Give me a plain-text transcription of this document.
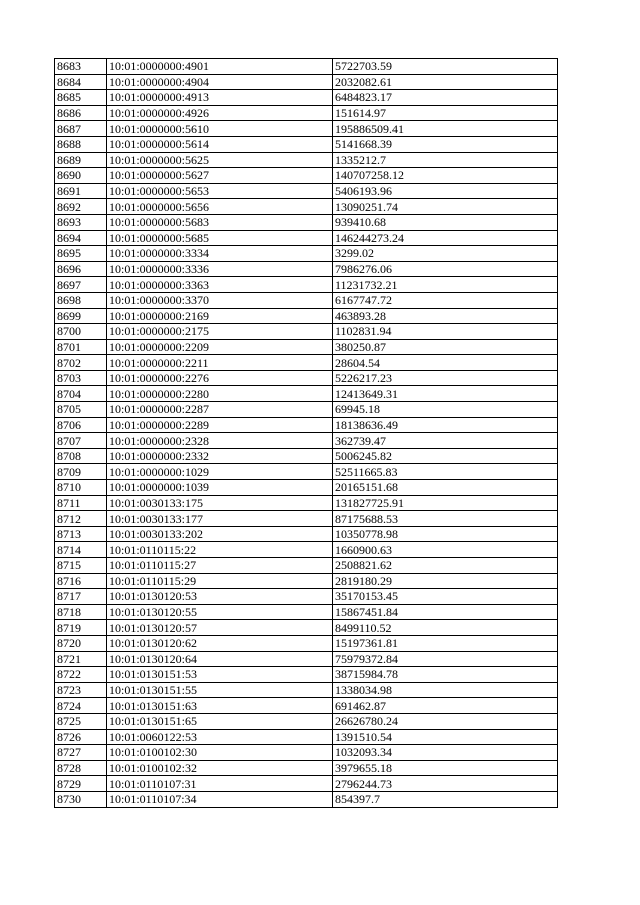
8683	10:01:0000000:4901	5722703.59
8684	10:01:0000000:4904	2032082.61
8685	10:01:0000000:4913	6484823.17
8686	10:01:0000000:4926	151614.97
8687	10:01:0000000:5610	195886509.41
8688	10:01:0000000:5614	5141668.39
8689	10:01:0000000:5625	1335212.7
8690	10:01:0000000:5627	140707258.12
8691	10:01:0000000:5653	5406193.96
8692	10:01:0000000:5656	13090251.74
8693	10:01:0000000:5683	939410.68
8694	10:01:0000000:5685	146244273.24
8695	10:01:0000000:3334	3299.02
8696	10:01:0000000:3336	7986276.06
8697	10:01:0000000:3363	11231732.21
8698	10:01:0000000:3370	6167747.72
8699	10:01:0000000:2169	463893.28
8700	10:01:0000000:2175	1102831.94
8701	10:01:0000000:2209	380250.87
8702	10:01:0000000:2211	28604.54
8703	10:01:0000000:2276	5226217.23
8704	10:01:0000000:2280	12413649.31
8705	10:01:0000000:2287	69945.18
8706	10:01:0000000:2289	18138636.49
8707	10:01:0000000:2328	362739.47
8708	10:01:0000000:2332	5006245.82
8709	10:01:0000000:1029	52511665.83
8710	10:01:0000000:1039	20165151.68
8711	10:01:0030133:175	131827725.91
8712	10:01:0030133:177	87175688.53
8713	10:01:0030133:202	10350778.98
8714	10:01:0110115:22	1660900.63
8715	10:01:0110115:27	2508821.62
8716	10:01:0110115:29	2819180.29
8717	10:01:0130120:53	35170153.45
8718	10:01:0130120:55	15867451.84
8719	10:01:0130120:57	8499110.52
8720	10:01:0130120:62	15197361.81
8721	10:01:0130120:64	75979372.84
8722	10:01:0130151:53	38715984.78
8723	10:01:0130151:55	1338034.98
8724	10:01:0130151:63	691462.87
8725	10:01:0130151:65	26626780.24
8726	10:01:0060122:53	1391510.54
8727	10:01:0100102:30	1032093.34
8728	10:01:0100102:32	3979655.18
8729	10:01:0110107:31	2796244.73
8730	10:01:0110107:34	854397.7
